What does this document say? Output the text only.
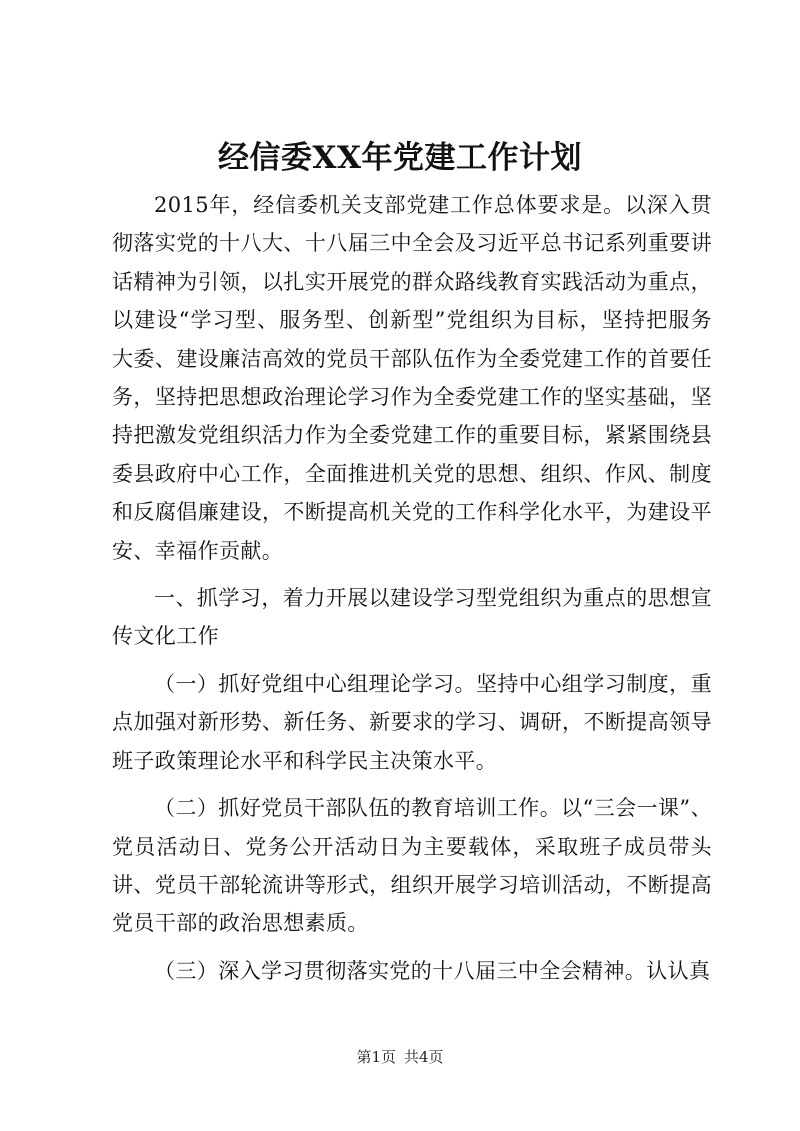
经信委XX年党建工作计划

2015年，经信委机关支部党建工作总体要求是。以深入贯彻落实党的十八大、十八届三中全会及习近平总书记系列重要讲话精神为引领，以扎实开展党的群众路线教育实践活动为重点，以建设“学习型、服务型、创新型”党组织为目标，坚持把服务大委、建设廉洁高效的党员干部队伍作为全委党建工作的首要任务，坚持把思想政治理论学习作为全委党建工作的坚实基础，坚持把激发党组织活力作为全委党建工作的重要目标，紧紧围绕县委县政府中心工作，全面推进机关党的思想、组织、作风、制度和反腐倡廉建设，不断提高机关党的工作科学化水平，为建设平安、幸福作贡献。

一、抓学习，着力开展以建设学习型党组织为重点的思想宣传文化工作

（一）抓好党组中心组理论学习。坚持中心组学习制度，重点加强对新形势、新任务、新要求的学习、调研，不断提高领导班子政策理论水平和科学民主决策水平。

（二）抓好党员干部队伍的教育培训工作。以“三会一课”、党员活动日、党务公开活动日为主要载体，采取班子成员带头讲、党员干部轮流讲等形式，组织开展学习培训活动，不断提高党员干部的政治思想素质。

（三）深入学习贯彻落实党的十八届三中全会精神。认认真

第1页 共4页
